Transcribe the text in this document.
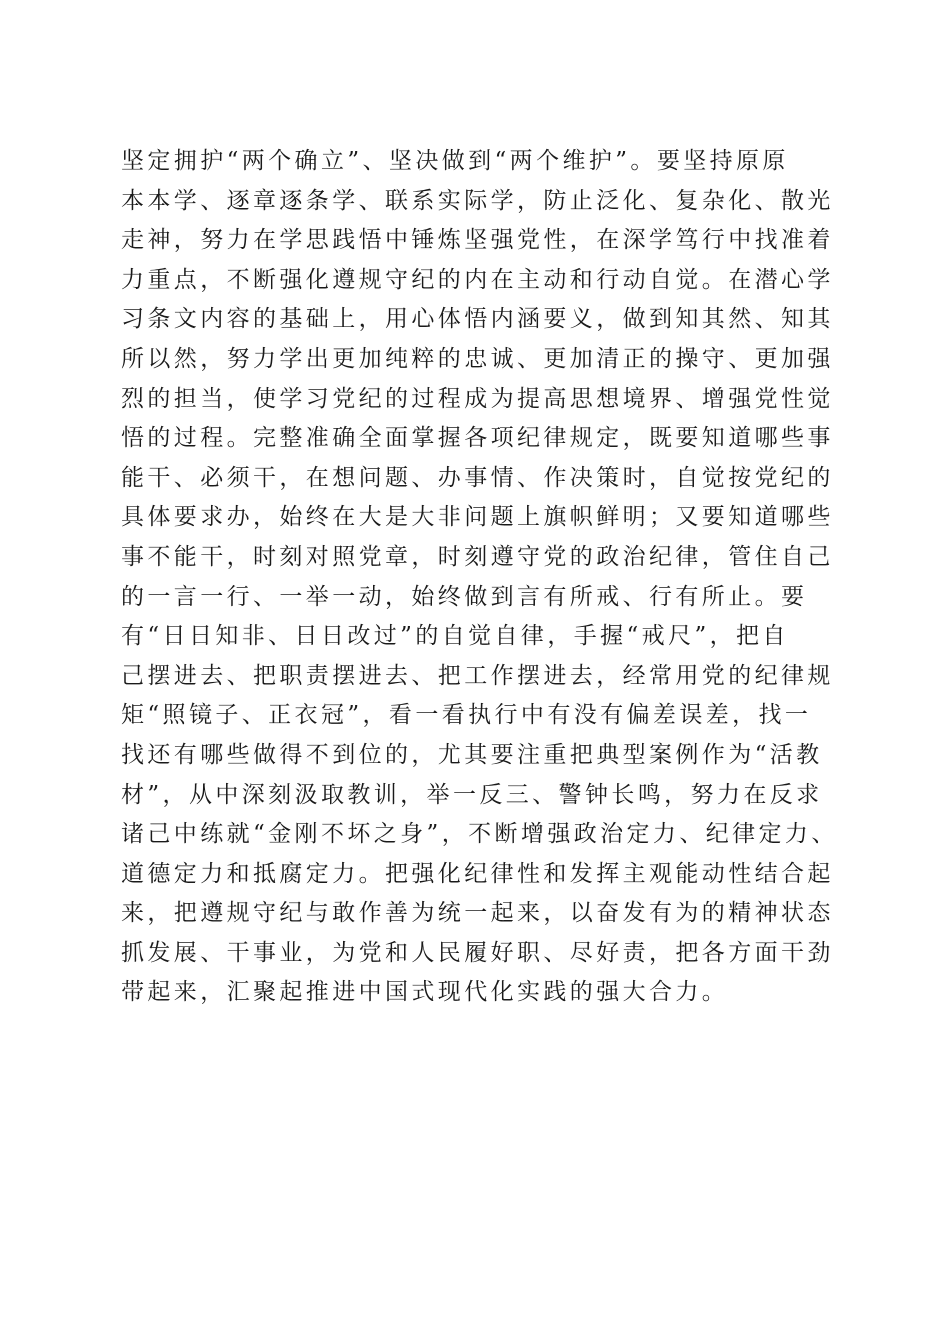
坚定拥护“两个确立”、坚决做到“两个维护”。要坚持原原
本本学、逐章逐条学、联系实际学，防止泛化、复杂化、散光
走神，努力在学思践悟中锤炼坚强党性，在深学笃行中找准着
力重点，不断强化遵规守纪的内在主动和行动自觉。在潜心学
习条文内容的基础上，用心体悟内涵要义，做到知其然、知其
所以然，努力学出更加纯粹的忠诚、更加清正的操守、更加强
烈的担当，使学习党纪的过程成为提高思想境界、增强党性觉
悟的过程。完整准确全面掌握各项纪律规定，既要知道哪些事
能干、必须干，在想问题、办事情、作决策时，自觉按党纪的
具体要求办，始终在大是大非问题上旗帜鲜明；又要知道哪些
事不能干，时刻对照党章，时刻遵守党的政治纪律，管住自己
的一言一行、一举一动，始终做到言有所戒、行有所止。要
有“日日知非、日日改过”的自觉自律，手握“戒尺”，把自
己摆进去、把职责摆进去、把工作摆进去，经常用党的纪律规
矩“照镜子、正衣冠”，看一看执行中有没有偏差误差，找一
找还有哪些做得不到位的，尤其要注重把典型案例作为“活教
材”，从中深刻汲取教训，举一反三、警钟长鸣，努力在反求
诸己中练就“金刚不坏之身”，不断增强政治定力、纪律定力、
道德定力和抵腐定力。把强化纪律性和发挥主观能动性结合起
来，把遵规守纪与敢作善为统一起来，以奋发有为的精神状态
抓发展、干事业，为党和人民履好职、尽好责，把各方面干劲
带起来，汇聚起推进中国式现代化实践的强大合力。
